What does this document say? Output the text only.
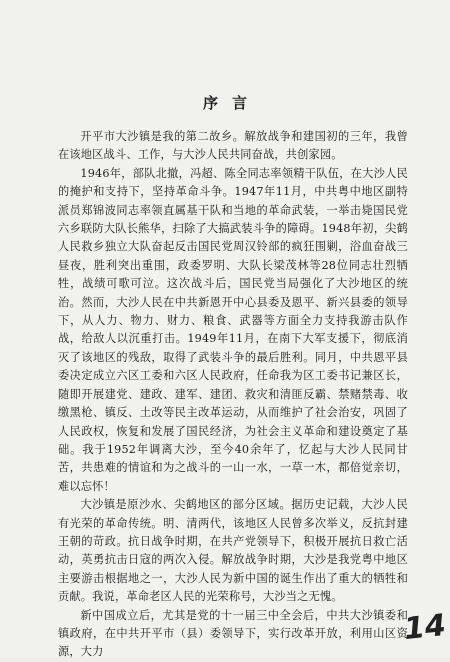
序言

开平市大沙镇是我的第二故乡。解放战争和建国初的三年，我曾在该地区战斗、工作，与大沙人民共同奋战，共创家园。

1946年，部队北撤，冯超、陈全同志率领精干队伍，在大沙人民的掩护和支持下，坚持革命斗争。1947年11月，中共粤中地区副特派员郑锦波同志率领直属基干队和当地的革命武装，一举击毙国民党六乡联防大队长熊华，扫除了大搞武装斗争的障碍。1948年初，尖鹤人民救乡独立大队奋起反击国民党周汉铃部的疯狂围剿，浴血奋战三昼夜，胜利突出重围，政委罗明、大队长梁茂林等28位同志壮烈牺牲，战绩可歌可泣。这次战斗后，国民党当局强化了大沙地区的统治。然而，大沙人民在中共新恩开中心县委及恩平、新兴县委的领导下，从人力、物力、财力、粮食、武器等方面全力支持我游击队作战，给敌人以沉重打击。1949年11月，在南下大军支援下，彻底消灭了该地区的残敌，取得了武装斗争的最后胜利。同月，中共恩平县委决定成立六区工委和六区人民政府，任命我为区工委书记兼区长，随即开展建党、建政、建军、建团、救灾和清匪反霸、禁赌禁毒、收缴黑枪、镇反、土改等民主改革运动，从而维护了社会治安，巩固了人民政权，恢复和发展了国民经济，为社会主义革命和建设奠定了基础。我于1952年调离大沙，至今40余年了，忆起与大沙人民同甘苦，共患难的情谊和为之战斗的一山一水，一草一木，都倍觉亲切，难以忘怀！

大沙镇是原沙水、尖鹤地区的部分区域。据历史记载，大沙人民有光荣的革命传统。明、清两代，该地区人民曾多次举义，反抗封建王朝的苛政。抗日战争时期，在共产党领导下，积极开展抗日救亡活动，英勇抗击日寇的两次入侵。解放战争时期，大沙是我党粤中地区主要游击根据地之一，大沙人民为新中国的诞生作出了重大的牺牲和贡献。我说，革命老区人民的光荣称号，大沙当之无愧。

新中国成立后，尤其是党的十一届三中全会后，中共大沙镇委和镇政府，在中共开平市（县）委领导下，实行改革开放，利用山区资源，大力

14
